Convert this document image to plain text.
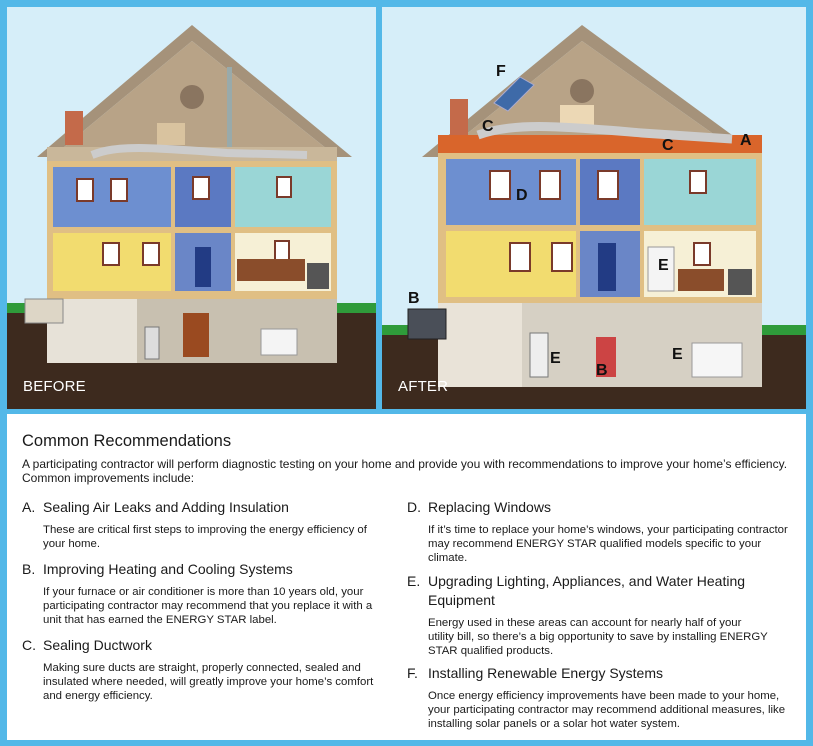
BEFORE
F
C
C	A
D
B
E
E
B
E
AFTER
Common Recommendations
A participating contractor will perform diagnostic testing on your home and provide you with recommendations to improve your home’s efficiency. Common improvements include:
A. Sealing Air Leaks and Adding Insulation
These are critical first steps to improving the energy efficiency of your home.
B. Improving Heating and Cooling Systems
If your furnace or air conditioner is more than 10 years old, your participating contractor may recommend that you replace it with a unit that has earned the ENERGY STAR label.
C. Sealing Ductwork
Making sure ducts are straight, properly connected, sealed and insulated where needed, will greatly improve your home’s comfort and energy efficiency.
D. Replacing Windows
If it’s time to replace your home’s windows, your participating contractor may recommend ENERGY STAR qualified models specific to your climate.
E. Upgrading Lighting, Appliances, and Water Heating Equipment
Energy used in these areas can account for nearly half of your utility bill, so there’s a big opportunity to save by installing ENERGY STAR qualified products.
F. Installing Renewable Energy Systems
Once energy efficiency improvements have been made to your home, your participating contractor may recommend additional measures, like installing solar panels or a solar hot water system.
